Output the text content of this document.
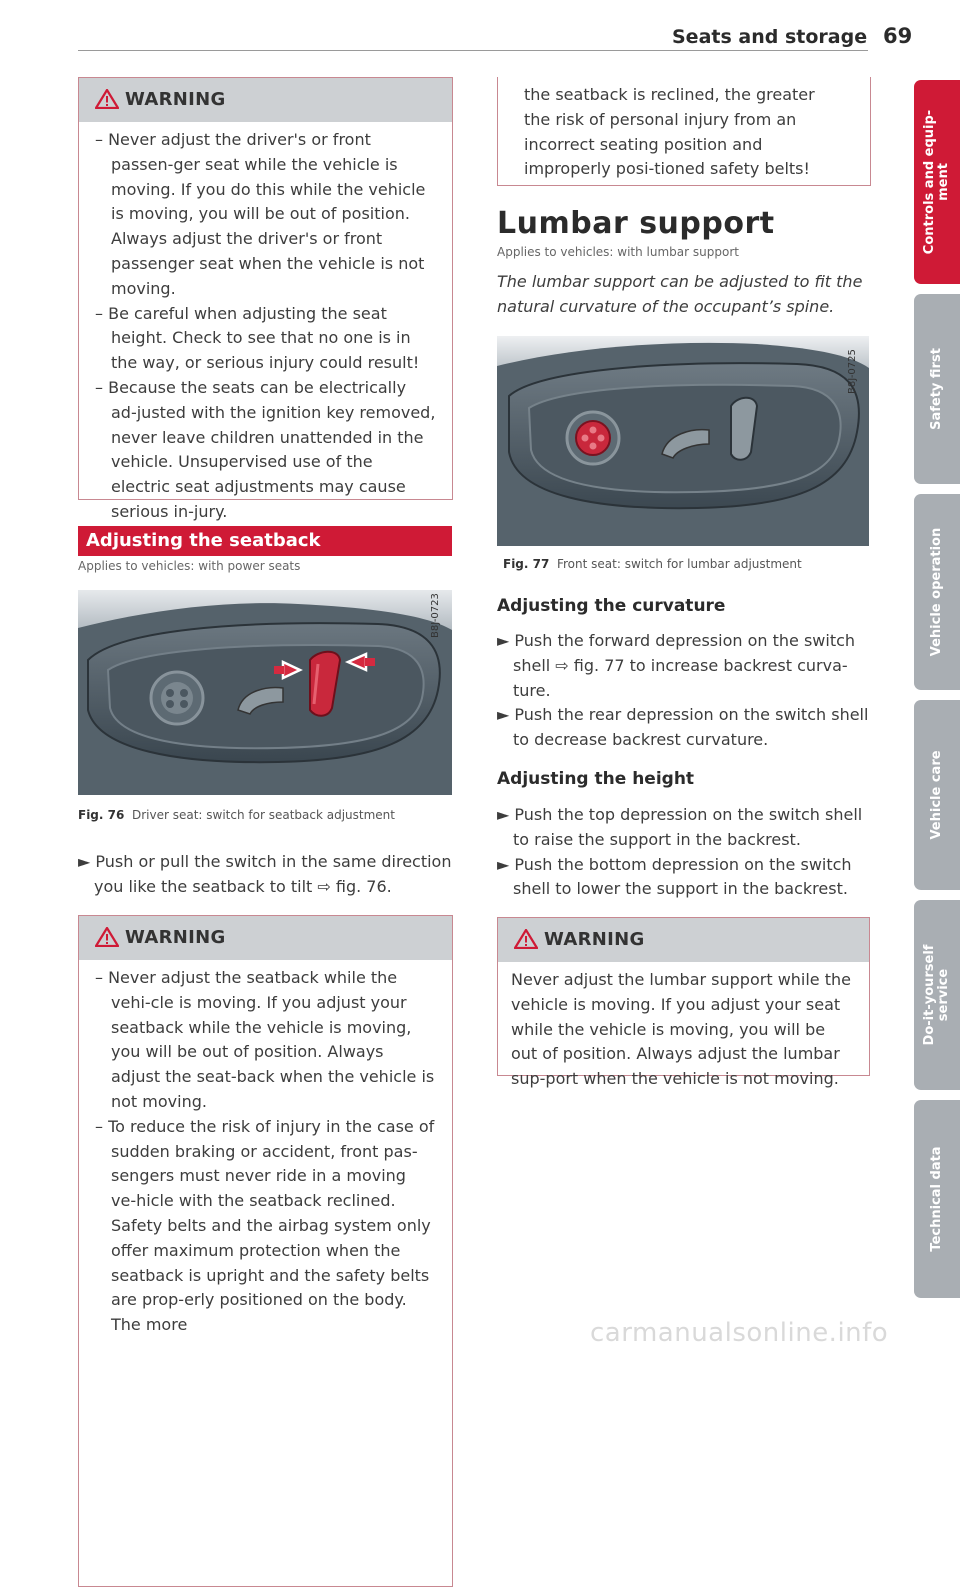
Seats and storage 69
Controls and equip-
ment
Safety first
Vehicle operation
Vehicle care
Do-it-yourself
service
Technical data
WARNING
– Never adjust the driver's or front passen-ger seat while the vehicle is moving. If you do this while the vehicle is moving, you will be out of position. Always adjust the driver's or front passenger seat when the vehicle is not moving.
– Be careful when adjusting the seat height. Check to see that no one is in the way, or serious injury could result!
– Because the seats can be electrically ad-justed with the ignition key removed, never leave children unattended in the vehicle. Unsupervised use of the electric seat adjustments may cause serious in-jury.
Adjusting the seatback
Applies to vehicles: with power seats
B8J-0723
Fig. 76 Driver seat: switch for seatback adjustment
► Push or pull the switch in the same direction you like the seatback to tilt ⇨ fig. 76.
WARNING
– Never adjust the seatback while the vehi-cle is moving. If you adjust your seatback while the vehicle is moving, you will be out of position. Always adjust the seat-back when the vehicle is not moving.
– To reduce the risk of injury in the case of sudden braking or accident, front pas-sengers must never ride in a moving ve-hicle with the seatback reclined. Safety belts and the airbag system only offer maximum protection when the seatback is upright and the safety belts are prop-erly positioned on the body. The more
the seatback is reclined, the greater the risk of personal injury from an incorrect seating position and improperly posi-tioned safety belts!
Lumbar support
Applies to vehicles: with lumbar support
The lumbar support can be adjusted to fit the natural curvature of the occupant’s spine.
B8J-0725
Fig. 77 Front seat: switch for lumbar adjustment
Adjusting the curvature
► Push the forward depression on the switch shell ⇨ fig. 77 to increase backrest curva-ture.
► Push the rear depression on the switch shell to decrease backrest curvature.
Adjusting the height
► Push the top depression on the switch shell to raise the support in the backrest.
► Push the bottom depression on the switch shell to lower the support in the backrest.
WARNING
Never adjust the lumbar support while the vehicle is moving. If you adjust your seat while the vehicle is moving, you will be out of position. Always adjust the lumbar sup-port when the vehicle is not moving.
carmanualsonline.info
